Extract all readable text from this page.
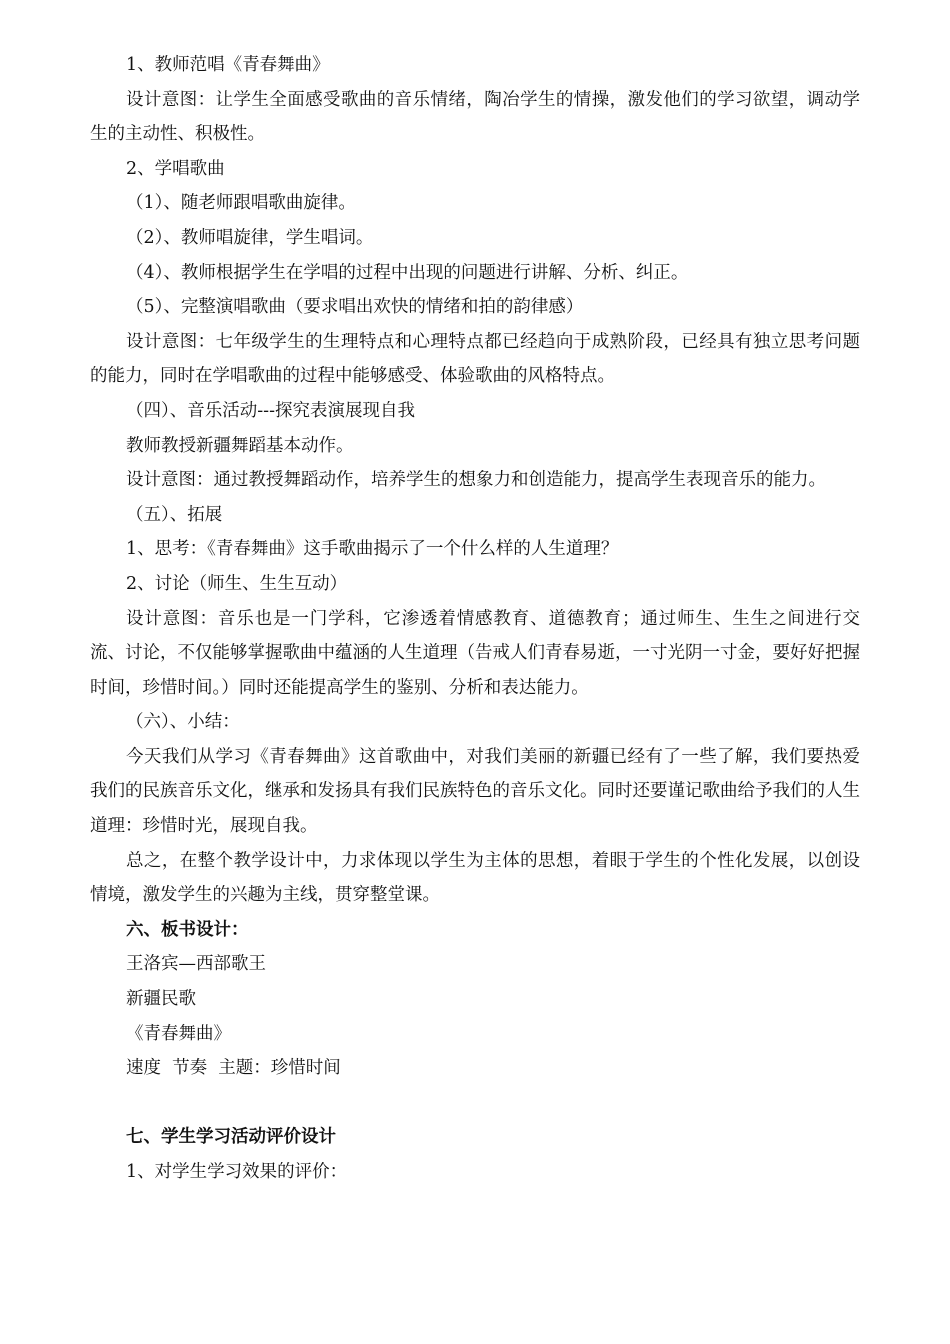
1、教师范唱《青春舞曲》

设计意图：让学生全面感受歌曲的音乐情绪，陶冶学生的情操，激发他们的学习欲望，调动学生的主动性、积极性。

2、学唱歌曲

（1）、随老师跟唱歌曲旋律。

（2）、教师唱旋律，学生唱词。

（4）、教师根据学生在学唱的过程中出现的问题进行讲解、分析、纠正。

（5）、完整演唱歌曲（要求唱出欢快的情绪和拍的韵律感）

设计意图：七年级学生的生理特点和心理特点都已经趋向于成熟阶段，已经具有独立思考问题的能力，同时在学唱歌曲的过程中能够感受、体验歌曲的风格特点。

（四）、音乐活动---探究表演展现自我

教师教授新疆舞蹈基本动作。

设计意图：通过教授舞蹈动作，培养学生的想象力和创造能力，提高学生表现音乐的能力。

（五）、拓展

1、思考：《青春舞曲》这手歌曲揭示了一个什么样的人生道理？

2、讨论（师生、生生互动）

设计意图：音乐也是一门学科，它渗透着情感教育、道德教育；通过师生、生生之间进行交流、讨论，不仅能够掌握歌曲中蕴涵的人生道理（告戒人们青春易逝，一寸光阴一寸金，要好好把握时间，珍惜时间。）同时还能提高学生的鉴别、分析和表达能力。

（六）、小结：

今天我们从学习《青春舞曲》这首歌曲中，对我们美丽的新疆已经有了一些了解，我们要热爱我们的民族音乐文化，继承和发扬具有我们民族特色的音乐文化。同时还要谨记歌曲给予我们的人生道理：珍惜时光，展现自我。

总之，在整个教学设计中，力求体现以学生为主体的思想，着眼于学生的个性化发展，以创设情境，激发学生的兴趣为主线，贯穿整堂课。

六、板书设计：

王洛宾—西部歌王

新疆民歌

《青春舞曲》

速度  节奏  主题：珍惜时间

七、学生学习活动评价设计

1、对学生学习效果的评价：
